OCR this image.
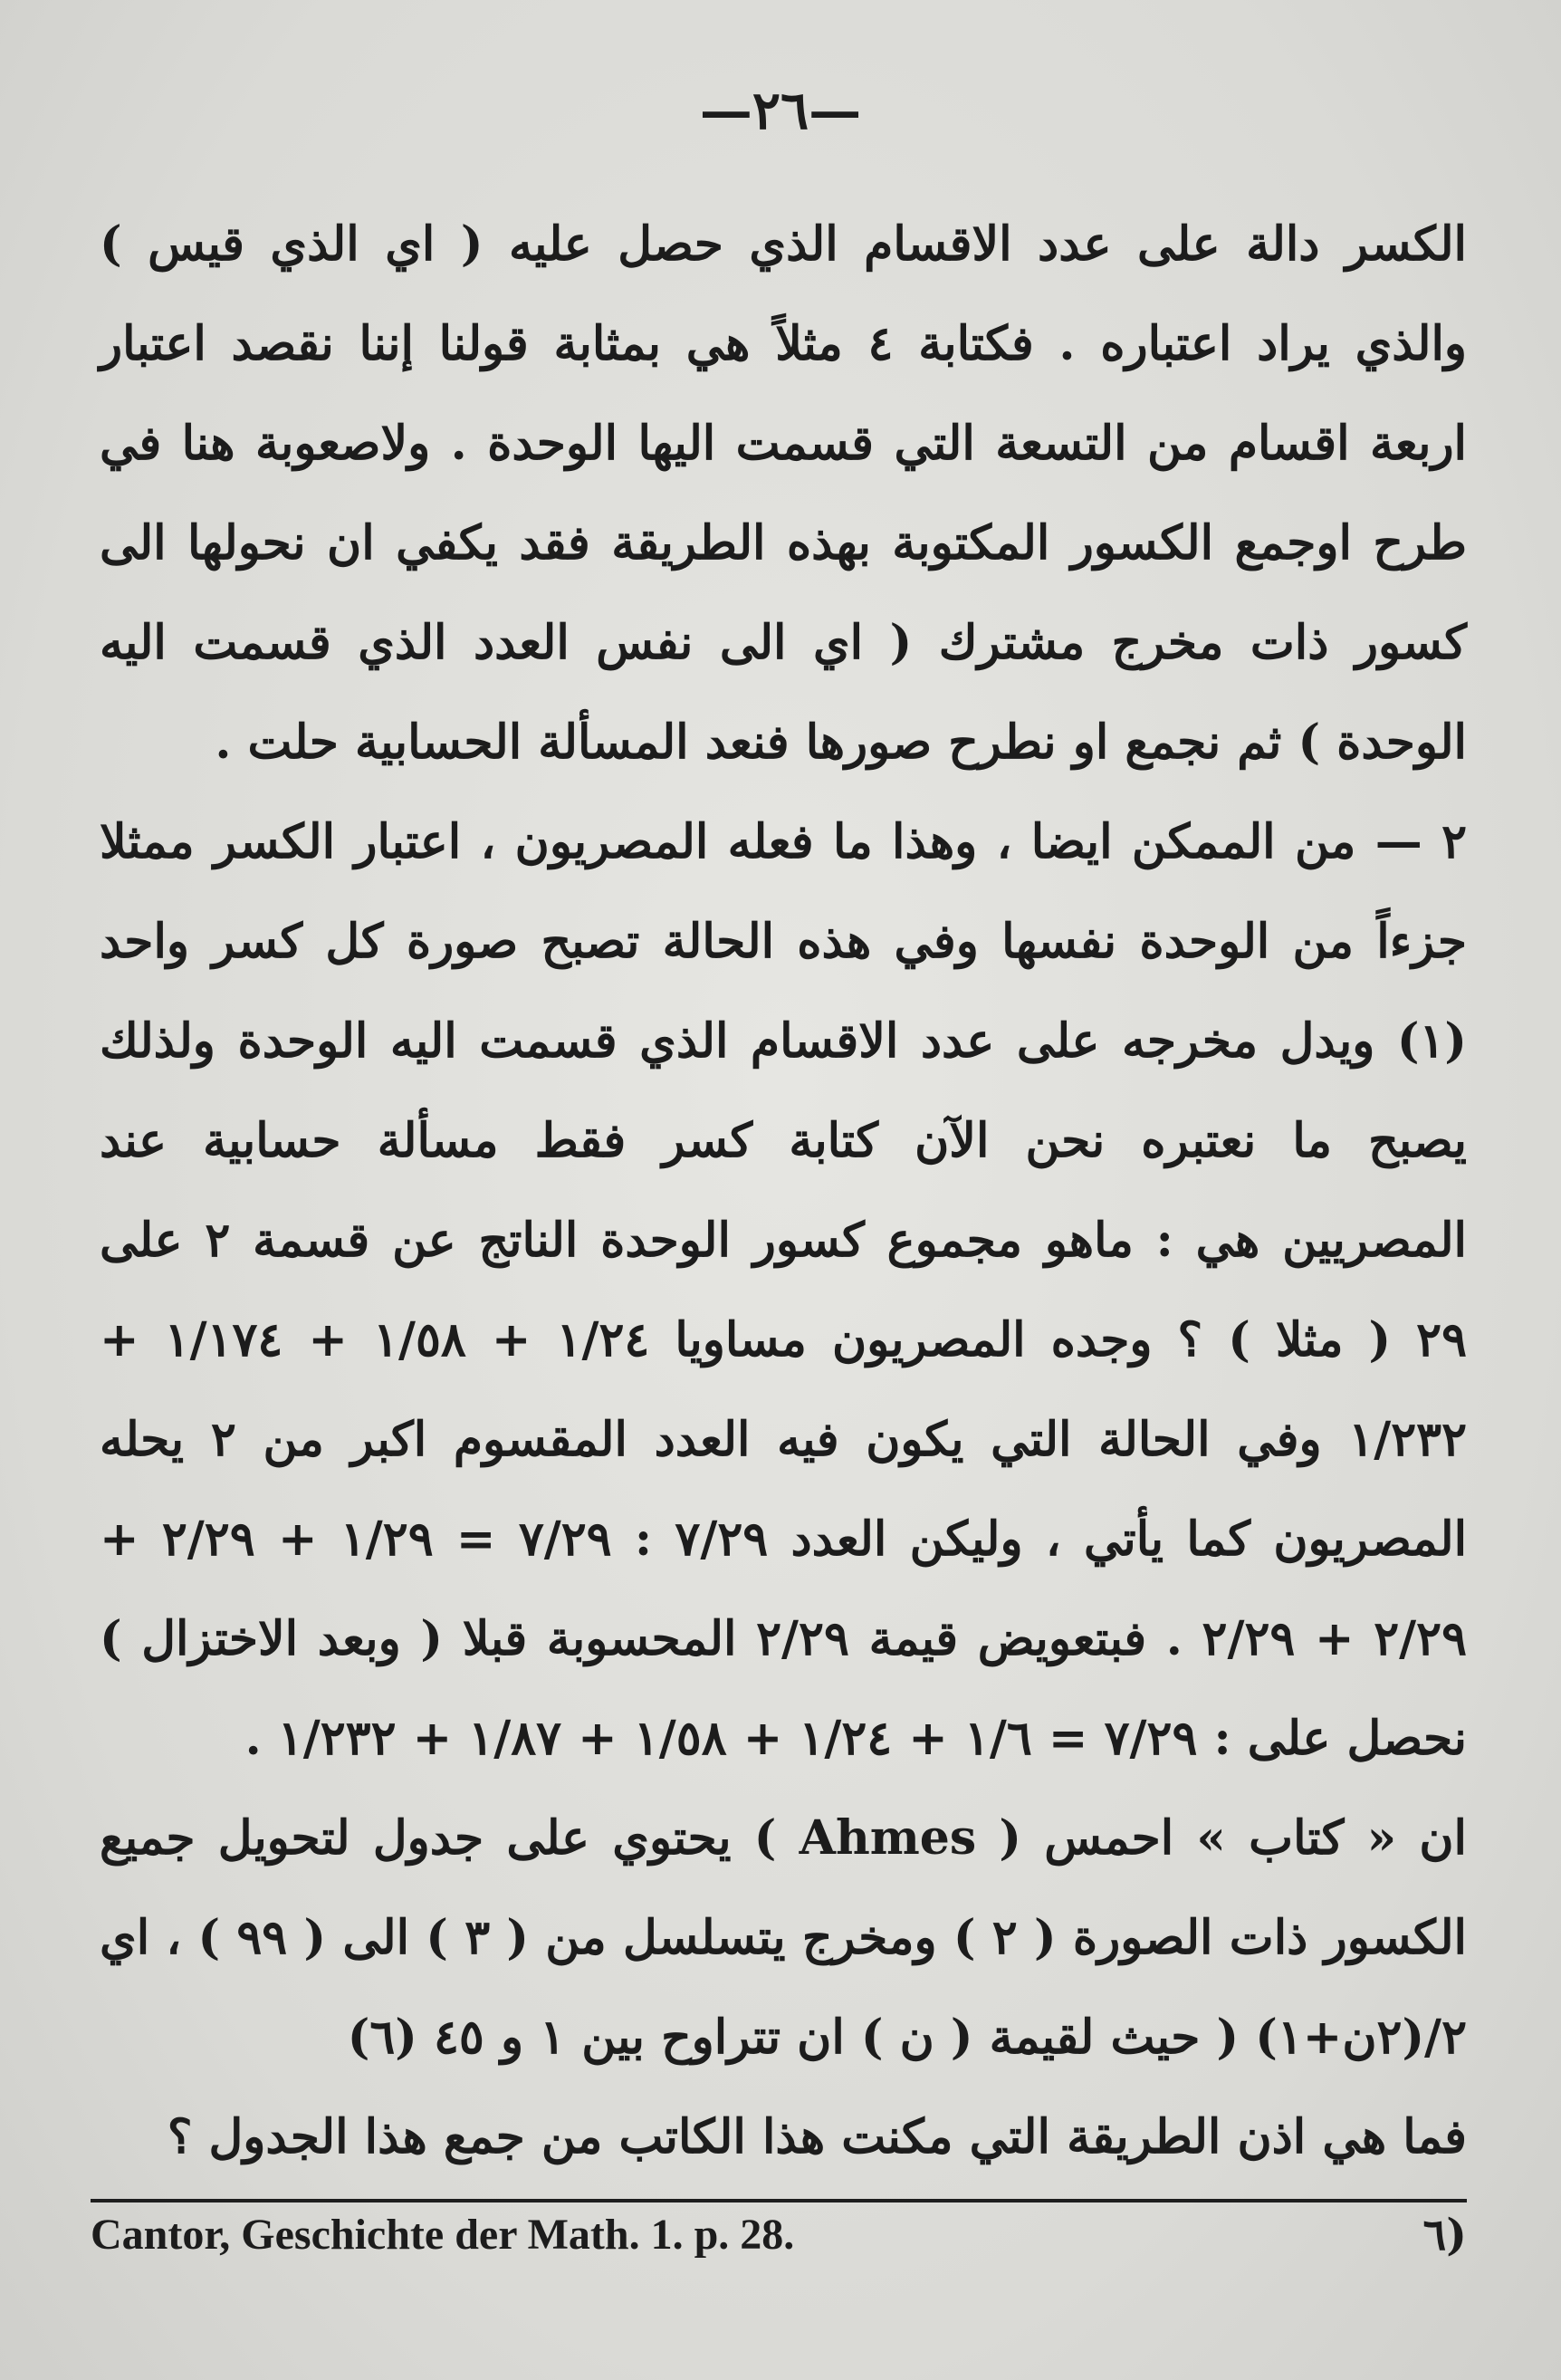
—٢٦—

الكسر دالة على عدد الاقسام الذي حصل عليه ( اي الذي قيس ) والذي يراد اعتباره . فكتابة ٤ مثلاً هي بمثابة قولنا إننا نقصد اعتبار اربعة اقسام من التسعة التي قسمت اليها الوحدة . ولاصعوبة هنا في طرح اوجمع الكسور المكتوبة بهذه الطريقة فقد يكفي ان نحولها الى كسور ذات مخرج مشترك ( اي الى نفس العدد الذي قسمت اليه الوحدة ) ثم نجمع او نطرح صورها فنعد المسألة الحسابية حلت .

٢ — من الممكن ايضا ، وهذا ما فعله المصريون ، اعتبار الكسر ممثلا جزءاً من الوحدة نفسها وفي هذه الحالة تصبح صورة كل كسر واحد (١) ويدل مخرجه على عدد الاقسام الذي قسمت اليه الوحدة ولذلك يصبح ما نعتبره نحن الآن كتابة كسر فقط مسألة حسابية عند المصريين هي : ماهو مجموع كسور الوحدة الناتج عن قسمة ٢ على ٢٩ ( مثلا ) ؟ وجده المصريون مساويا ١/٢٤ + ١/٥٨ + ١/١٧٤ + ١/٢٣٢ وفي الحالة التي يكون فيه العدد المقسوم اكبر من ٢ يحله المصريون كما يأتي ، وليكن العدد ٧/٢٩ : ٧/٢٩ = ١/٢٩ + ٢/٢٩ + ٢/٢٩ + ٢/٢٩ . فبتعويض قيمة ٢/٢٩ المحسوبة قبلا ( وبعد الاختزال ) نحصل على : ٧/٢٩ = ١/٦ + ١/٢٤ + ١/٥٨ + ١/٨٧ + ١/٢٣٢ .

ان « كتاب » احمس ( Ahmes ) يحتوي على جدول لتحويل جميع الكسور ذات الصورة ( ٢ ) ومخرج يتسلسل من ( ٣ ) الى ( ٩٩ ) ، اي ٢/(٢ن+١) ( حيث لقيمة ( ن ) ان تتراوح بين ١ و ٤٥ (٦)

فما هي اذن الطريقة التي مكنت هذا الكاتب من جمع هذا الجدول ؟

Cantor, Geschichte der Math. 1. p. 28.	(٦
